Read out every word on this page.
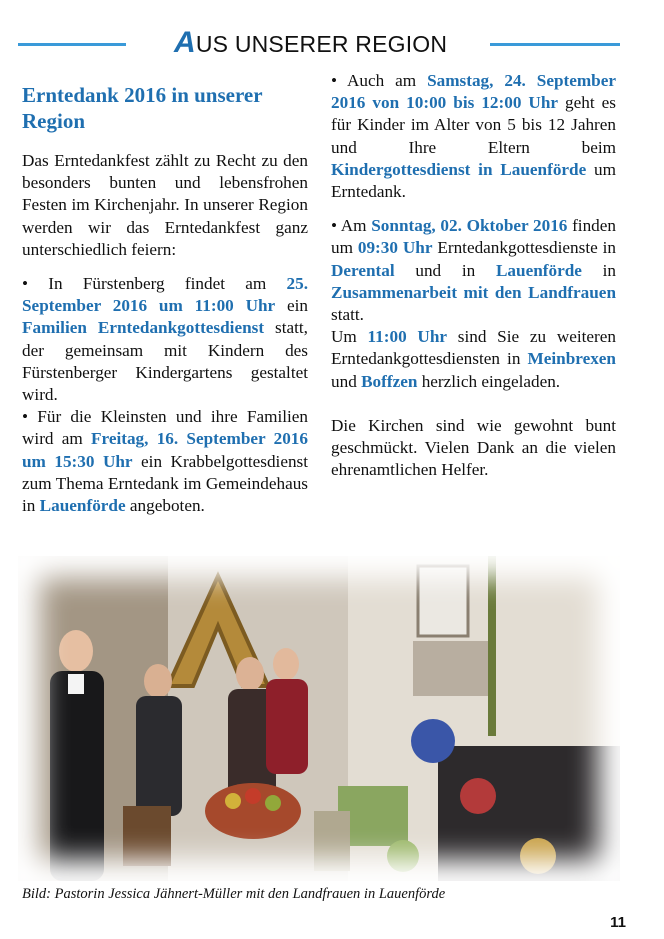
AUS UNSERER REGION
Erntedank 2016 in unserer Region

Das Erntedankfest zählt zu Recht zu den besonders bunten und lebensfrohen Festen im Kirchenjahr. In unserer Region werden wir das Erntedankfest ganz unterschiedlich feiern:

• In Fürstenberg findet am 25. September 2016 um 11:00 Uhr ein Familien Erntedankgottesdienst statt, der gemeinsam mit Kindern des Fürstenberger Kindergartens gestaltet wird.

• Für die Kleinsten und ihre Familien wird am Freitag, 16. September 2016 um 15:30 Uhr ein Krabbelgottesdienst zum Thema Erntedank im Gemeindehaus in Lauenförde angeboten.

• Auch am Samstag, 24. September 2016 von 10:00 bis 12:00 Uhr geht es für Kinder im Alter von 5 bis 12 Jahren und Ihre Eltern beim Kindergottesdienst in Lauenförde um Erntedank.

• Am Sonntag, 02. Oktober 2016 finden um 09:30 Uhr Erntedankgottesdienste in Derental und in Lauenförde in Zusammenarbeit mit den Landfrauen statt.

Um 11:00 Uhr sind Sie zu weiteren Erntedankgottesdiensten in Meinbrexen und Boffzen herzlich eingeladen.

Die Kirchen sind wie gewohnt bunt geschmückt. Vielen Dank an die vielen ehrenamtlichen Helfer.

Bild: Pastorin Jessica Jähnert-Müller mit den Landfrauen in Lauenförde
11
